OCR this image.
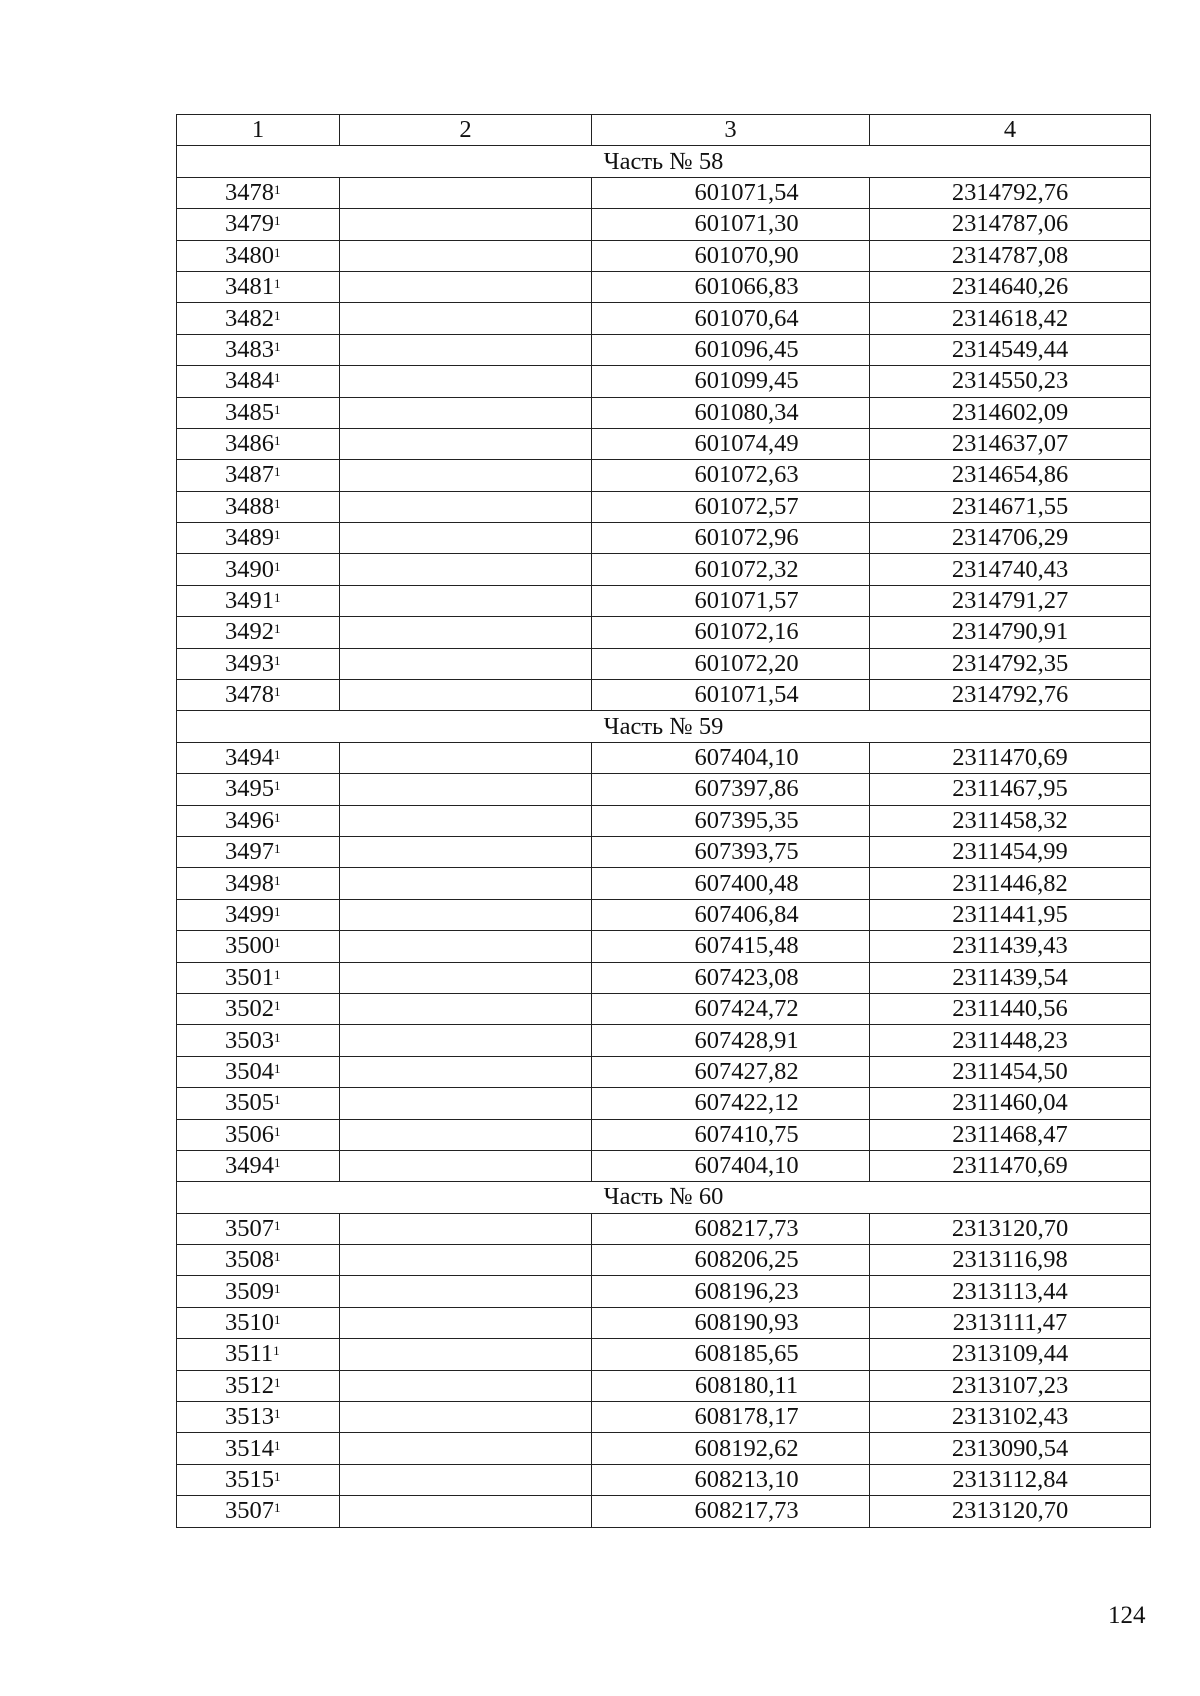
1	2	3	4
Часть № 58			
3478$^1$		601071,54	2314792,76
3479$^1$		601071,30	2314787,06
3480$^1$		601070,90	2314787,08
3481$^1$		601066,83	2314640,26
3482$^1$		601070,64	2314618,42
3483$^1$		601096,45	2314549,44
3484$^1$		601099,45	2314550,23
3485$^1$		601080,34	2314602,09
3486$^1$		601074,49	2314637,07
3487$^1$		601072,63	2314654,86
3488$^1$		601072,57	2314671,55
3489$^1$		601072,96	2314706,29
3490$^1$		601072,32	2314740,43
3491$^1$		601071,57	2314791,27
3492$^1$		601072,16	2314790,91
3493$^1$		601072,20	2314792,35
3478$^1$		601071,54	2314792,76
Часть № 59			
3494$^1$		607404,10	2311470,69
3495$^1$		607397,86	2311467,95
3496$^1$		607395,35	2311458,32
3497$^1$		607393,75	2311454,99
3498$^1$		607400,48	2311446,82
3499$^1$		607406,84	2311441,95
3500$^1$		607415,48	2311439,43
3501$^1$		607423,08	2311439,54
3502$^1$		607424,72	2311440,56
3503$^1$		607428,91	2311448,23
3504$^1$		607427,82	2311454,50
3505$^1$		607422,12	2311460,04
3506$^1$		607410,75	2311468,47
3494$^1$		607404,10	2311470,69
Часть № 60			
3507$^1$		608217,73	2313120,70
3508$^1$		608206,25	2313116,98
3509$^1$		608196,23	2313113,44
3510$^1$		608190,93	2313111,47
3511$^1$		608185,65	2313109,44
3512$^1$		608180,11	2313107,23
3513$^1$		608178,17	2313102,43
3514$^1$		608192,62	2313090,54
3515$^1$		608213,10	2313112,84
3507$^1$		608217,73	2313120,70
124
